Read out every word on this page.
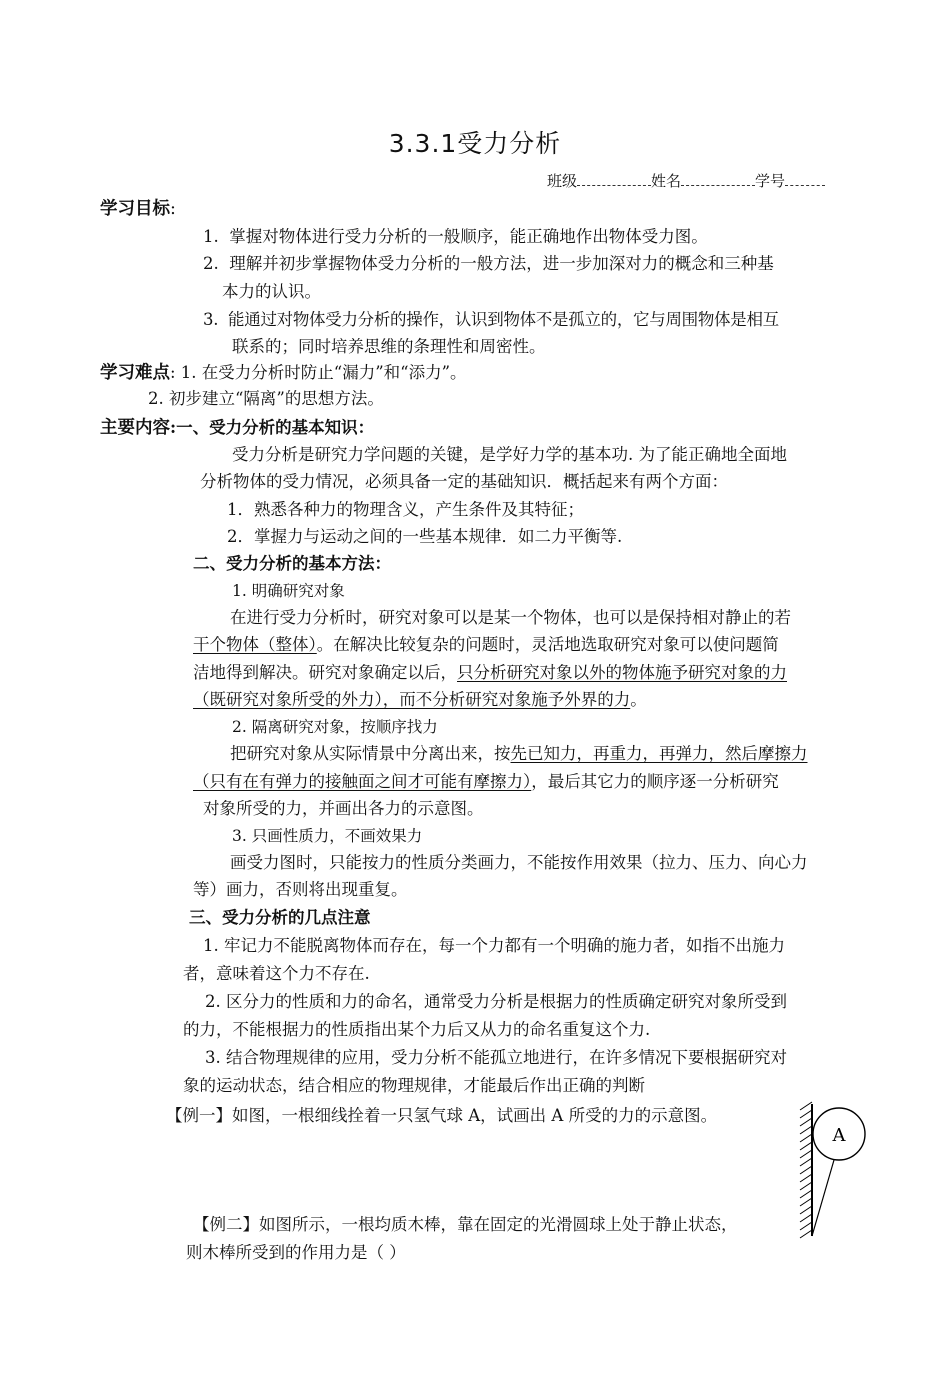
3.3.1受力分析
班级	姓名	学号
学习目标:
1. 掌握对物体进行受力分析的一般顺序，能正确地作出物体受力图。
2. 理解并初步掌握物体受力分析的一般方法，进一步加深对力的概念和三种基
本力的认识。
3. 能通过对物体受力分析的操作，认识到物体不是孤立的，它与周围物体是相互
联系的；同时培养思维的条理性和周密性。
学习难点: 1. 在受力分析时防止“漏力”和“添力”。
2. 初步建立“隔离”的思想方法。
主要内容:一、受力分析的基本知识：
受力分析是研究力学问题的关键，是学好力学的基本功. 为了能正确地全面地
分析物体的受力情况，必须具备一定的基础知识．概括起来有两个方面：
1．熟悉各种力的物理含义，产生条件及其特征；
2．掌握力与运动之间的一些基本规律．如二力平衡等.
二、受力分析的基本方法：
1. 明确研究对象
在进行受力分析时，研究对象可以是某一个物体，也可以是保持相对静止的若
干个物体（整体）。在解决比较复杂的问题时，灵活地选取研究对象可以使问题简
洁地得到解决。研究对象确定以后，只分析研究对象以外的物体施予研究对象的力
（既研究对象所受的外力），而不分析研究对象施予外界的力。
2. 隔离研究对象，按顺序找力
把研究对象从实际情景中分离出来，按先已知力，再重力，再弹力，然后摩擦力
（只有在有弹力的接触面之间才可能有摩擦力），最后其它力的顺序逐一分析研究
对象所受的力，并画出各力的示意图。
3. 只画性质力，不画效果力
画受力图时，只能按力的性质分类画力，不能按作用效果（拉力、压力、向心力
等）画力，否则将出现重复。
三、受力分析的几点注意
1. 牢记力不能脱离物体而存在，每一个力都有一个明确的施力者，如指不出施力
者，意味着这个力不存在.
2. 区分力的性质和力的命名，通常受力分析是根据力的性质确定研究对象所受到
的力，不能根据力的性质指出某个力后又从力的命名重复这个力.
3. 结合物理规律的应用，受力分析不能孤立地进行，在许多情况下要根据研究对
象的运动状态，结合相应的物理规律，才能最后作出正确的判断
【例一】如图，一根细线拴着一只氢气球 A，试画出 A 所受的力的示意图。
A
【例二】如图所示，一根均质木棒，靠在固定的光滑圆球上处于静止状态，
则木棒所受到的作用力是（ ）
